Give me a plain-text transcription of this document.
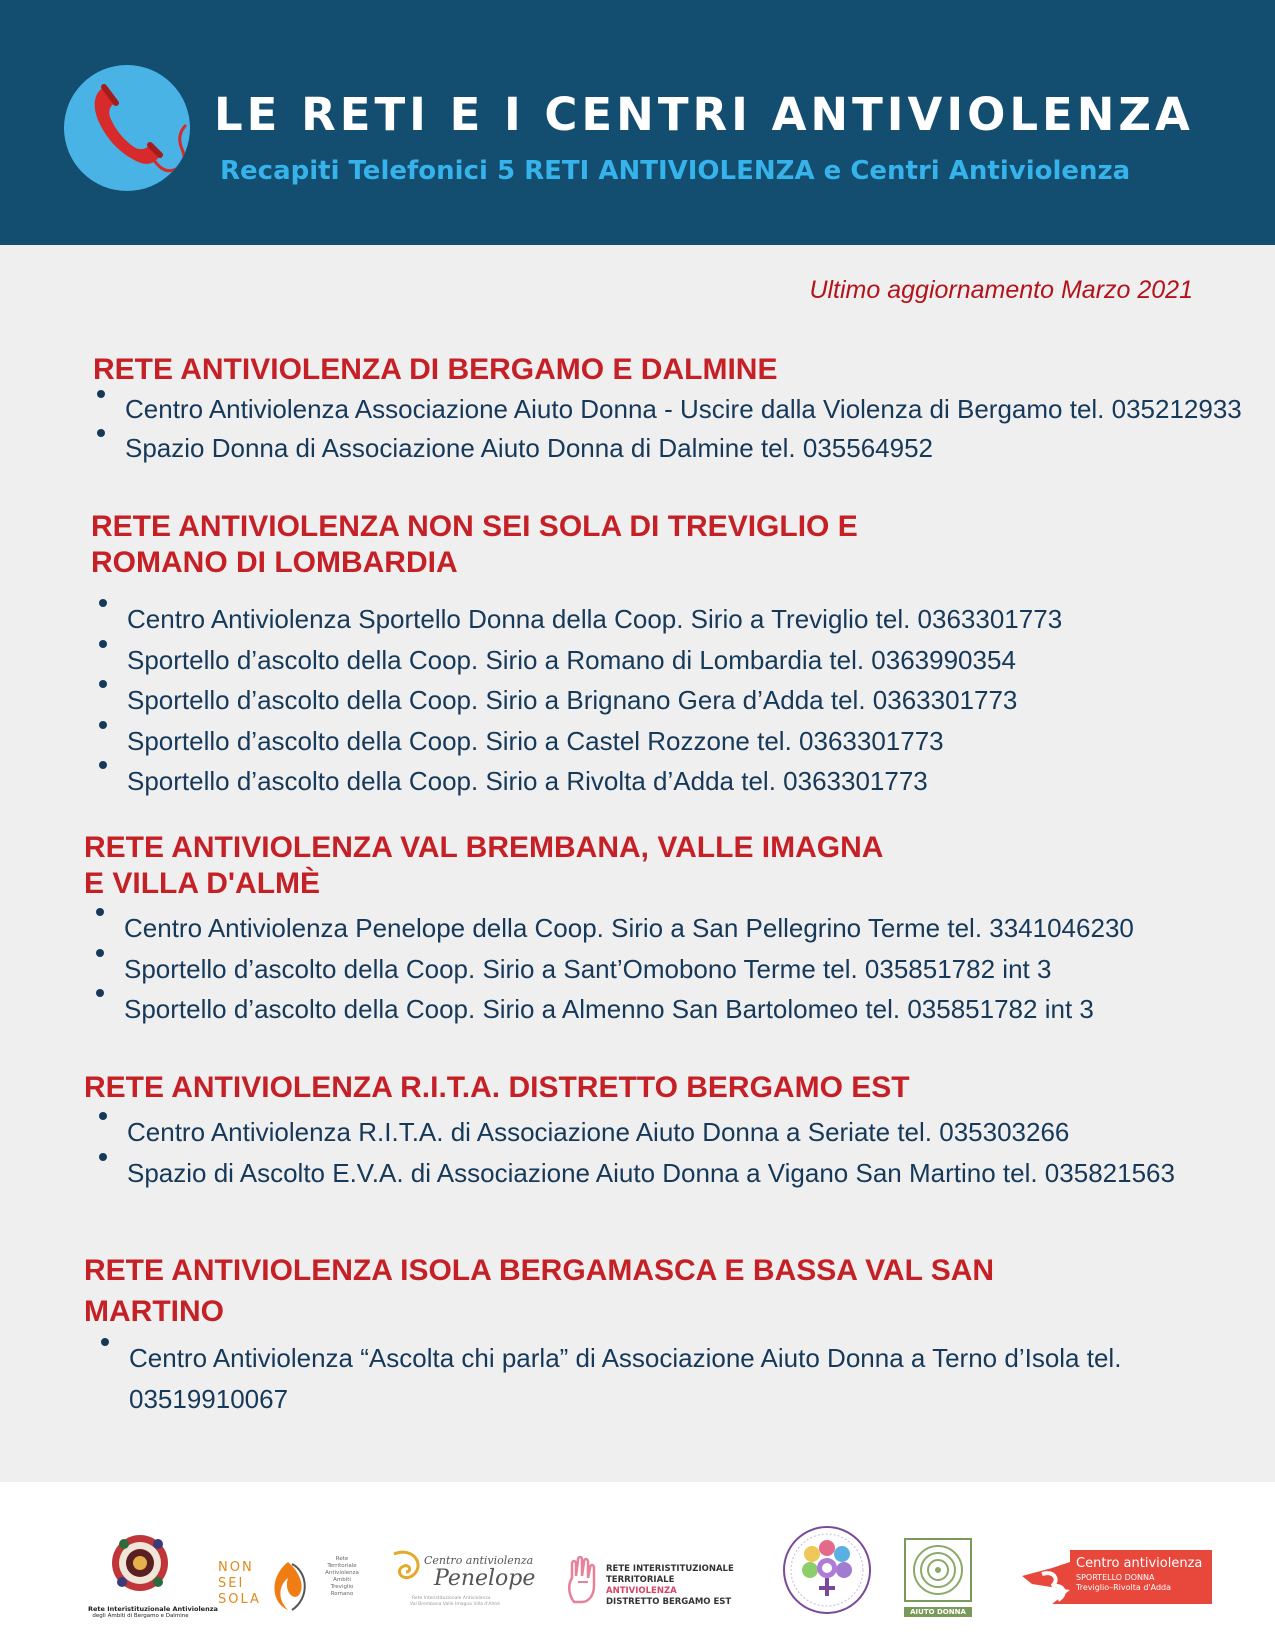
LE RETI E I CENTRI ANTIVIOLENZA
Recapiti Telefonici 5 RETI ANTIVIOLENZA e Centri Antiviolenza
Ultimo aggiornamento Marzo 2021
RETE ANTIVIOLENZA DI BERGAMO E DALMINE
Centro Antiviolenza Associazione Aiuto Donna - Uscire dalla Violenza di Bergamo tel. 035212933
Spazio Donna di Associazione Aiuto Donna di Dalmine tel. 035564952
RETE ANTIVIOLENZA NON SEI SOLA DI TREVIGLIO E
ROMANO DI LOMBARDIA
Centro Antiviolenza Sportello Donna della Coop. Sirio a Treviglio tel. 0363301773
Sportello d’ascolto della Coop. Sirio a Romano di Lombardia tel. 0363990354
Sportello d’ascolto della Coop. Sirio a Brignano Gera d’Adda tel. 0363301773
Sportello d’ascolto della Coop. Sirio a Castel Rozzone tel. 0363301773
Sportello d’ascolto della Coop. Sirio a Rivolta d’Adda tel. 0363301773
RETE ANTIVIOLENZA VAL BREMBANA, VALLE IMAGNA
E VILLA D'ALMÈ
Centro Antiviolenza Penelope della Coop. Sirio a San Pellegrino Terme tel. 3341046230
Sportello d’ascolto della Coop. Sirio a Sant’Omobono Terme tel. 035851782 int 3
Sportello d’ascolto della Coop. Sirio a Almenno San Bartolomeo tel. 035851782 int 3
RETE ANTIVIOLENZA R.I.T.A. DISTRETTO BERGAMO EST
Centro Antiviolenza R.I.T.A. di Associazione Aiuto Donna a Seriate tel. 035303266
Spazio di Ascolto E.V.A. di Associazione Aiuto Donna a Vigano San Martino tel. 035821563
RETE ANTIVIOLENZA ISOLA BERGAMASCA E BASSA VAL SAN
MARTINO
Centro Antiviolenza “Ascolta chi parla” di Associazione Aiuto Donna a Terno d’Isola tel.
03519910067
Rete Interistituzionale Antiviolenza
degli Ambiti di Bergamo e Dalmine
NON
SEI
SOLA
Rete
Territoriale
Antiviolenza
Ambiti
Treviglio
Romano
Centro antiviolenza
Penelope
Rete Interistituzionale Antiviolenza
Val Brembana Valle Imagna Villa d'Almè
RETE INTERISTITUZIONALE
TERRITORIALE
ANTIVIOLENZA
DISTRETTO BERGAMO EST
AIUTO DONNA
Centro antiviolenza
SPORTELLO DONNA
Treviglio–Rivolta d'Adda
